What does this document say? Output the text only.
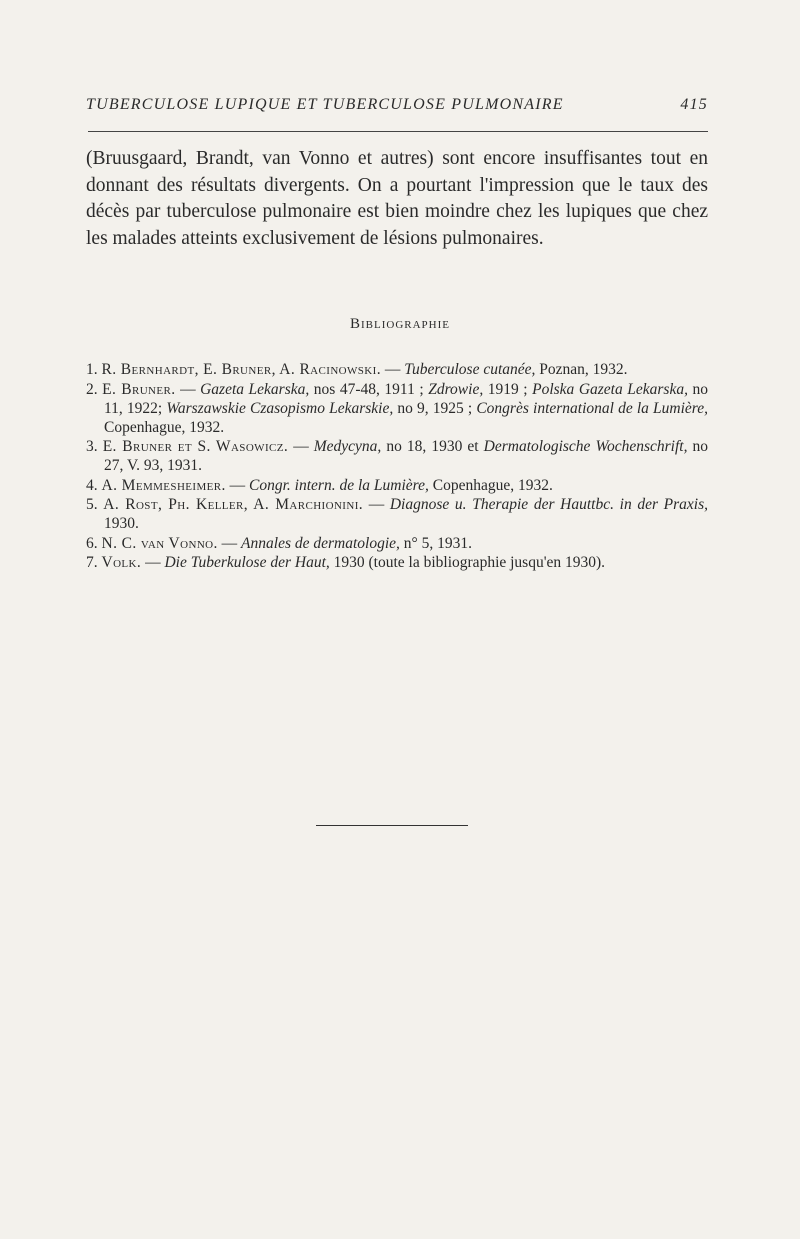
TUBERCULOSE LUPIQUE ET TUBERCULOSE PULMONAIRE	415

(Bruusgaard, Brandt, van Vonno et autres) sont encore insuffisantes tout en donnant des résultats divergents. On a pourtant l'impression que le taux des décès par tuberculose pulmonaire est bien moindre chez les lupiques que chez les malades atteints exclusivement de lésions pulmonaires.

Bibliographie
1. R. Bernhardt, E. Bruner, A. Racinowski. — Tuberculose cutanée, Poznan, 1932.
2. E. Bruner. — Gazeta Lekarska, nos 47-48, 1911 ; Zdrowie, 1919 ; Polska Gazeta Lekarska, no 11, 1922; Warszawskie Czasopismo Lekarskie, no 9, 1925 ; Congrès international de la Lumière, Copenhague, 1932.
3. E. Bruner et S. Wasowicz. — Medycyna, no 18, 1930 et Dermatologische Wochenschrift, no 27, V. 93, 1931.
4. A. Memmesheimer. — Congr. intern. de la Lumière, Copenhague, 1932.
5. A. Rost, Ph. Keller, A. Marchionini. — Diagnose u. Therapie der Hauttbc. in der Praxis, 1930.
6. N. C. van Vonno. — Annales de dermatologie, n° 5, 1931.
7. Volk. — Die Tuberkulose der Haut, 1930 (toute la bibliographie jusqu'en 1930).
